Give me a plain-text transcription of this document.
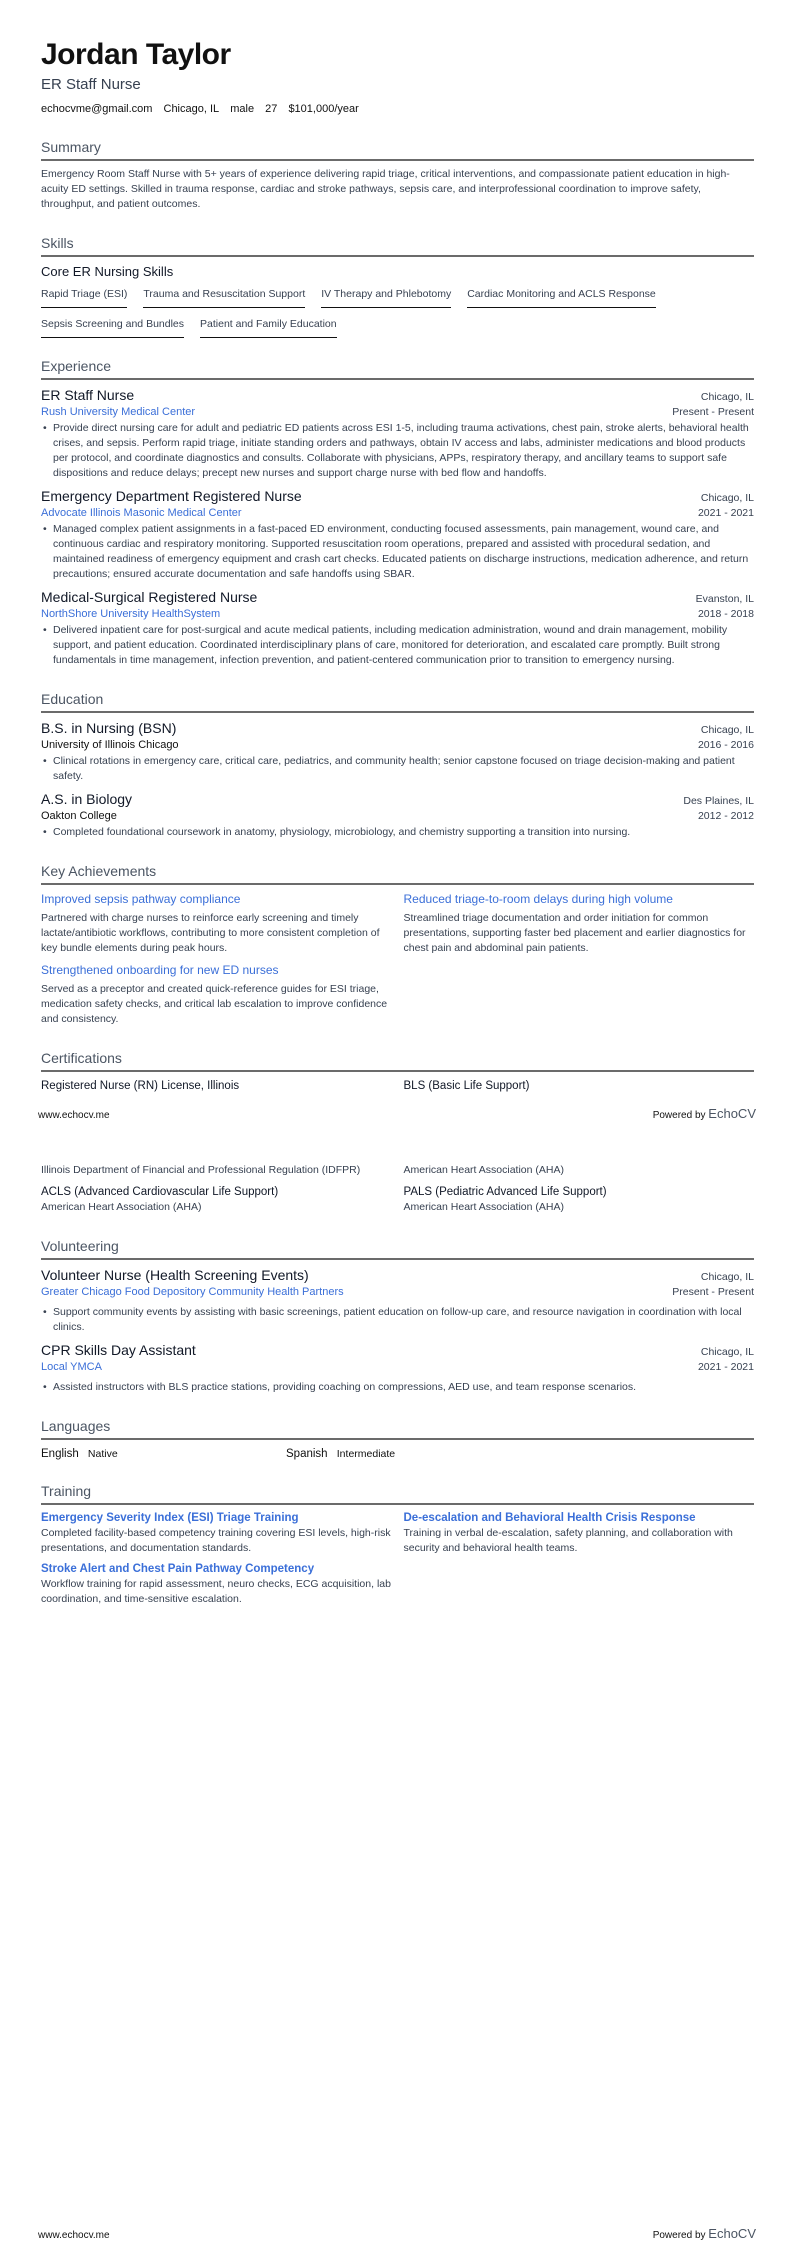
Jordan Taylor
ER Staff Nurse
echocvme@gmail.com Chicago, IL male 27 $101,000/year
Summary
Emergency Room Staff Nurse with 5+ years of experience delivering rapid triage, critical interventions, and compassionate patient education in high-acuity ED settings. Skilled in trauma response, cardiac and stroke pathways, sepsis care, and interprofessional coordination to improve safety, throughput, and patient outcomes.
Skills
Core ER Nursing Skills
Rapid Triage (ESI) Trauma and Resuscitation Support IV Therapy and Phlebotomy Cardiac Monitoring and ACLS Response
Sepsis Screening and Bundles Patient and Family Education
Experience
ER Staff Nurse	Chicago, IL
Rush University Medical Center	Present - Present
• Provide direct nursing care for adult and pediatric ED patients across ESI 1-5, including trauma activations, chest pain, stroke alerts, behavioral health crises, and sepsis. Perform rapid triage, initiate standing orders and pathways, obtain IV access and labs, administer medications and blood products per protocol, and coordinate diagnostics and consults. Collaborate with physicians, APPs, respiratory therapy, and ancillary teams to support safe dispositions and reduce delays; precept new nurses and support charge nurse with bed flow and handoffs.
Emergency Department Registered Nurse	Chicago, IL
Advocate Illinois Masonic Medical Center	2021 - 2021
• Managed complex patient assignments in a fast-paced ED environment, conducting focused assessments, pain management, wound care, and continuous cardiac and respiratory monitoring. Supported resuscitation room operations, prepared and assisted with procedural sedation, and maintained readiness of emergency equipment and crash cart checks. Educated patients on discharge instructions, medication adherence, and return precautions; ensured accurate documentation and safe handoffs using SBAR.
Medical-Surgical Registered Nurse	Evanston, IL
NorthShore University HealthSystem	2018 - 2018
• Delivered inpatient care for post-surgical and acute medical patients, including medication administration, wound and drain management, mobility support, and patient education. Coordinated interdisciplinary plans of care, monitored for deterioration, and escalated care promptly. Built strong fundamentals in time management, infection prevention, and patient-centered communication prior to transition to emergency nursing.
Education
B.S. in Nursing (BSN)	Chicago, IL
University of Illinois Chicago	2016 - 2016
• Clinical rotations in emergency care, critical care, pediatrics, and community health; senior capstone focused on triage decision-making and patient safety.
A.S. in Biology	Des Plaines, IL
Oakton College	2012 - 2012
• Completed foundational coursework in anatomy, physiology, microbiology, and chemistry supporting a transition into nursing.
Key Achievements
Improved sepsis pathway compliance
Partnered with charge nurses to reinforce early screening and timely lactate/antibiotic workflows, contributing to more consistent completion of key bundle elements during peak hours.
Reduced triage-to-room delays during high volume
Streamlined triage documentation and order initiation for common presentations, supporting faster bed placement and earlier diagnostics for chest pain and abdominal pain patients.
Strengthened onboarding for new ED nurses
Served as a preceptor and created quick-reference guides for ESI triage, medication safety checks, and critical lab escalation to improve confidence and consistency.
Certifications
Registered Nurse (RN) License, Illinois	BLS (Basic Life Support)
www.echocv.me	Powered by EchoCV
Illinois Department of Financial and Professional Regulation (IDFPR)	American Heart Association (AHA)
ACLS (Advanced Cardiovascular Life Support)
American Heart Association (AHA)
PALS (Pediatric Advanced Life Support)
American Heart Association (AHA)
Volunteering
Volunteer Nurse (Health Screening Events)	Chicago, IL
Greater Chicago Food Depository Community Health Partners	Present - Present
• Support community events by assisting with basic screenings, patient education on follow-up care, and resource navigation in coordination with local clinics.
CPR Skills Day Assistant	Chicago, IL
Local YMCA	2021 - 2021
• Assisted instructors with BLS practice stations, providing coaching on compressions, AED use, and team response scenarios.
Languages
English Native	Spanish Intermediate
Training
Emergency Severity Index (ESI) Triage Training
Completed facility-based competency training covering ESI levels, high-risk presentations, and documentation standards.
De-escalation and Behavioral Health Crisis Response
Training in verbal de-escalation, safety planning, and collaboration with security and behavioral health teams.
Stroke Alert and Chest Pain Pathway Competency
Workflow training for rapid assessment, neuro checks, ECG acquisition, lab coordination, and time-sensitive escalation.
www.echocv.me	Powered by EchoCV
